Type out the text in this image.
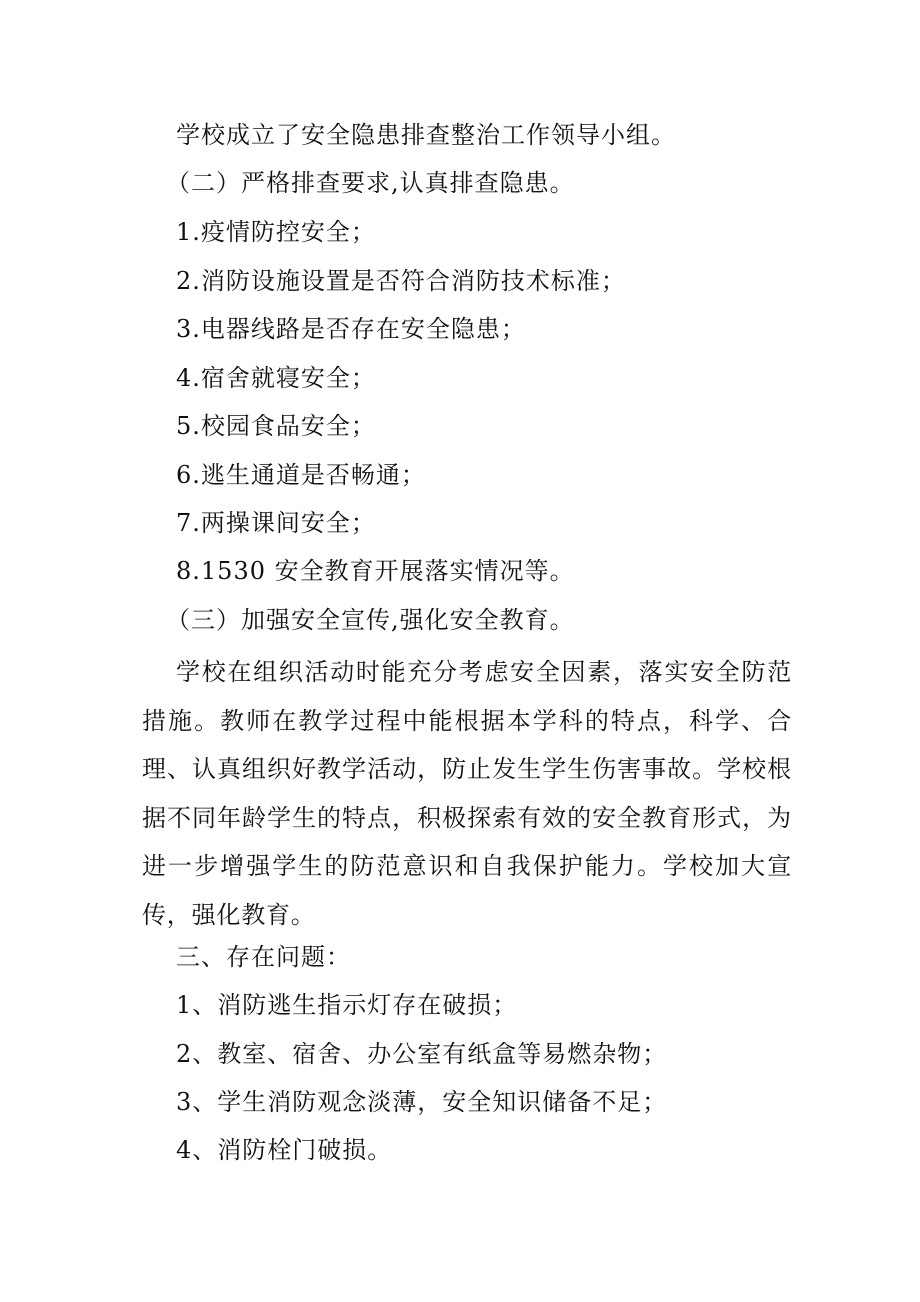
学校成立了安全隐患排查整治工作领导小组。
（二）严格排查要求,认真排查隐患。
1.疫情防控安全；
2.消防设施设置是否符合消防技术标准；
3.电器线路是否存在安全隐患；
4.宿舍就寝安全；
5.校园食品安全；
6.逃生通道是否畅通；
7.两操课间安全；
8.1530 安全教育开展落实情况等。
（三）加强安全宣传,强化安全教育。
学校在组织活动时能充分考虑安全因素，落实安全防范措施。教师在教学过程中能根据本学科的特点，科学、合理、认真组织好教学活动，防止发生学生伤害事故。学校根据不同年龄学生的特点，积极探索有效的安全教育形式，为进一步增强学生的防范意识和自我保护能力。学校加大宣传，强化教育。
三、存在问题：
1、消防逃生指示灯存在破损；
2、教室、宿舍、办公室有纸盒等易燃杂物；
3、学生消防观念淡薄，安全知识储备不足；
4、消防栓门破损。
